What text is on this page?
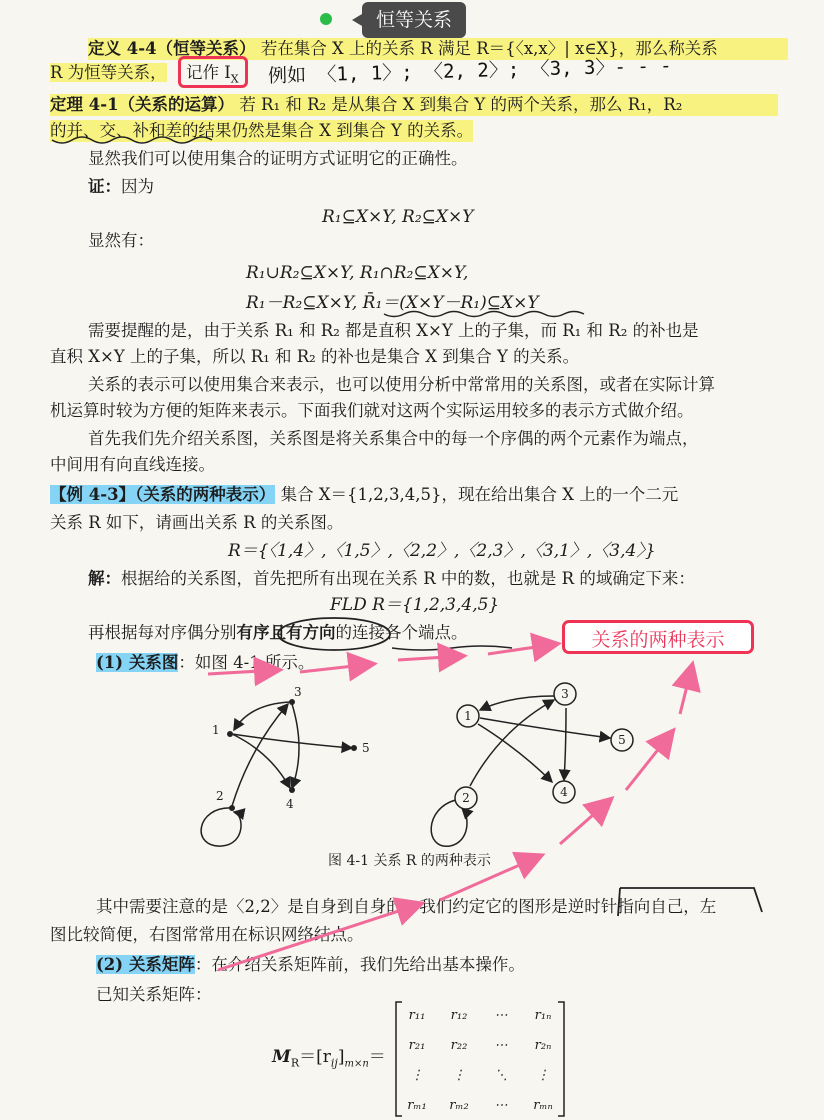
恒等关系
定义 4-4（恒等关系） 若在集合 X 上的关系 R 满足 R＝{〈x,x〉| x∈X}，那么称关系
R 为恒等关系， 记作 $I_X$ 例如 〈1, 1〉; 〈2, 2〉; 〈3, 3〉- - -
定理 4-1（关系的运算） 若 R₁ 和 R₂ 是从集合 X 到集合 Y 的两个关系，那么 R₁，R₂
的并、交、补和差的结果仍然是集合 X 到集合 Y 的关系。
显然我们可以使用集合的证明方式证明它的正确性。
证：因为
R₁⊆X×Y, R₂⊆X×Y
显然有：
R₁∪R₂⊆X×Y, R₁∩R₂⊆X×Y,
R₁－R₂⊆X×Y, R̄₁＝(X×Y－R₁)⊆X×Y
需要提醒的是，由于关系 R₁ 和 R₂ 都是直积 X×Y 上的子集，而 R₁ 和 R₂ 的补也是
直积 X×Y 上的子集，所以 R₁ 和 R₂ 的补也是集合 X 到集合 Y 的关系。
关系的表示可以使用集合来表示，也可以使用分析中常常用的关系图，或者在实际计算
机运算时较为方便的矩阵来表示。下面我们就对这两个实际运用较多的表示方式做介绍。
首先我们先介绍关系图，关系图是将关系集合中的每一个序偶的两个元素作为端点，
中间用有向直线连接。
【例 4-3】（关系的两种表示） 集合 X＝{1,2,3,4,5}，现在给出集合 X 上的一个二元
关系 R 如下，请画出关系 R 的关系图。
R＝{〈1,4〉,〈1,5〉,〈2,2〉,〈2,3〉,〈3,1〉,〈3,4〉}
解：根据给的关系图，首先把所有出现在关系 R 中的数，也就是 R 的域确定下来：
FLD R＝{1,2,3,4,5}
再根据每对序偶分别有序且有方向的连接各个端点。	关系的两种表示
(1) 关系图：如图 4-1 所示。
图 4-1 关系 R 的两种表示
其中需要注意的是〈2,2〉是自身到自身的，我们约定它的图形是逆时针指向自己，左
图比较简便，右图常常用在标识网络结点。
(2) 关系矩阵：在介绍关系矩阵前，我们先给出基本操作。
已知关系矩阵：
$M_R=[r_{ij}]_{m\times n}=$
r₁₁	r₁₂	⋯	r₁ₙ
r₂₁	r₂₂	⋯	r₂ₙ
⋮	⋮	⋱	⋮
rₘ₁	rₘ₂	⋯	rₘₙ
1
2
3
4
5
1
2
3
4
5
